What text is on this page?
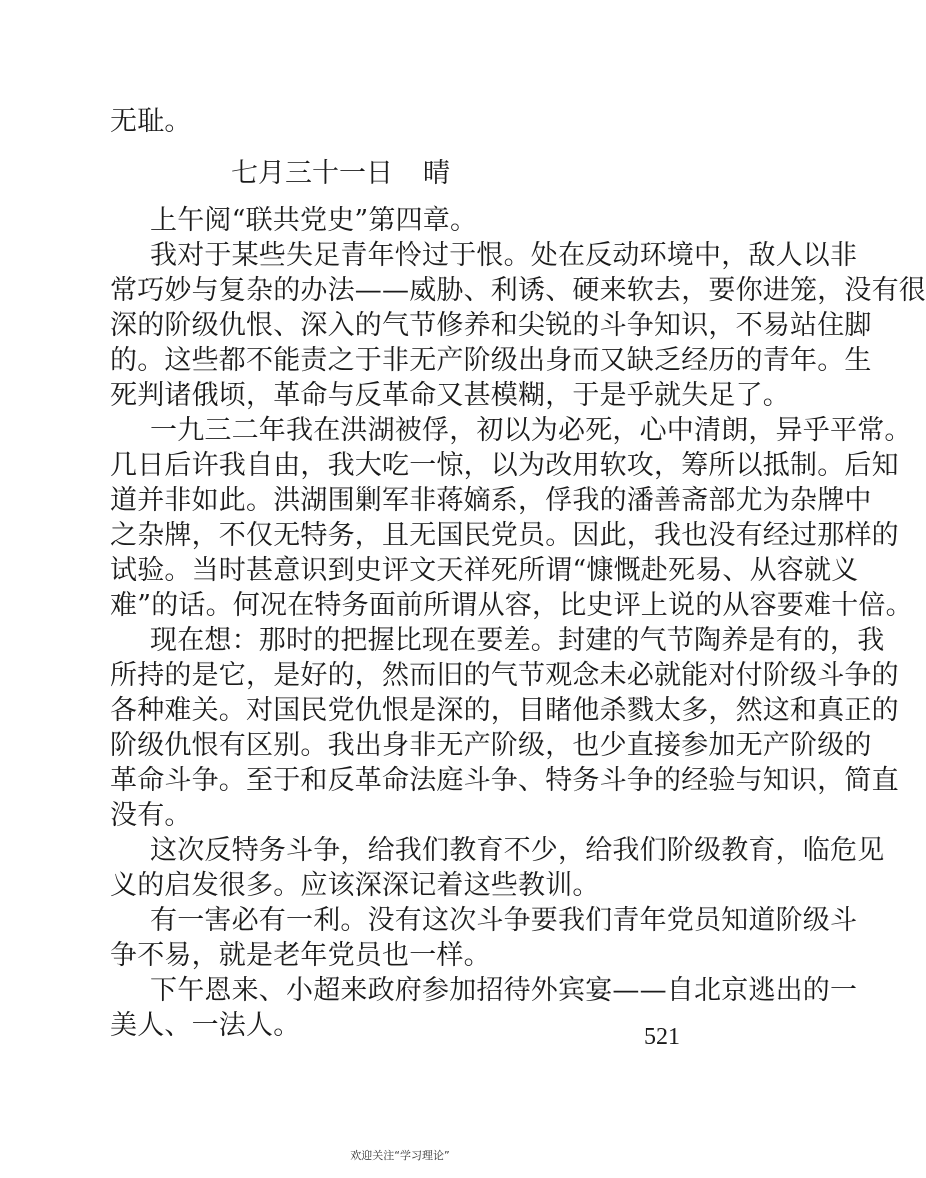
无耻。
七月三十一日 晴
上午阅“联共党史”第四章。
我对于某些失足青年怜过于恨。处在反动环境中，敌人以非
常巧妙与复杂的办法——威胁、利诱、硬来软去，要你进笼，没有很
深的阶级仇恨、深入的气节修养和尖锐的斗争知识，不易站住脚
的。这些都不能责之于非无产阶级出身而又缺乏经历的青年。生
死判诸俄顷，革命与反革命又甚模糊，于是乎就失足了。
一九三二年我在洪湖被俘，初以为必死，心中清朗，异乎平常。
几日后许我自由，我大吃一惊，以为改用软攻，筹所以抵制。后知
道并非如此。洪湖围剿军非蒋嫡系，俘我的潘善斋部尤为杂牌中
之杂牌，不仅无特务，且无国民党员。因此，我也没有经过那样的
试验。当时甚意识到史评文天祥死所谓“慷慨赴死易、从容就义
难”的话。何况在特务面前所谓从容，比史评上说的从容要难十倍。
现在想：那时的把握比现在要差。封建的气节陶养是有的，我
所持的是它，是好的，然而旧的气节观念未必就能对付阶级斗争的
各种难关。对国民党仇恨是深的，目睹他杀戮太多，然这和真正的
阶级仇恨有区别。我出身非无产阶级，也少直接参加无产阶级的
革命斗争。至于和反革命法庭斗争、特务斗争的经验与知识，简直
没有。
这次反特务斗争，给我们教育不少，给我们阶级教育，临危见
义的启发很多。应该深深记着这些教训。
有一害必有一利。没有这次斗争要我们青年党员知道阶级斗
争不易，就是老年党员也一样。
下午恩来、小超来政府参加招待外宾宴——自北京逃出的一
美人、一法人。	521
欢迎关注“学习理论”
